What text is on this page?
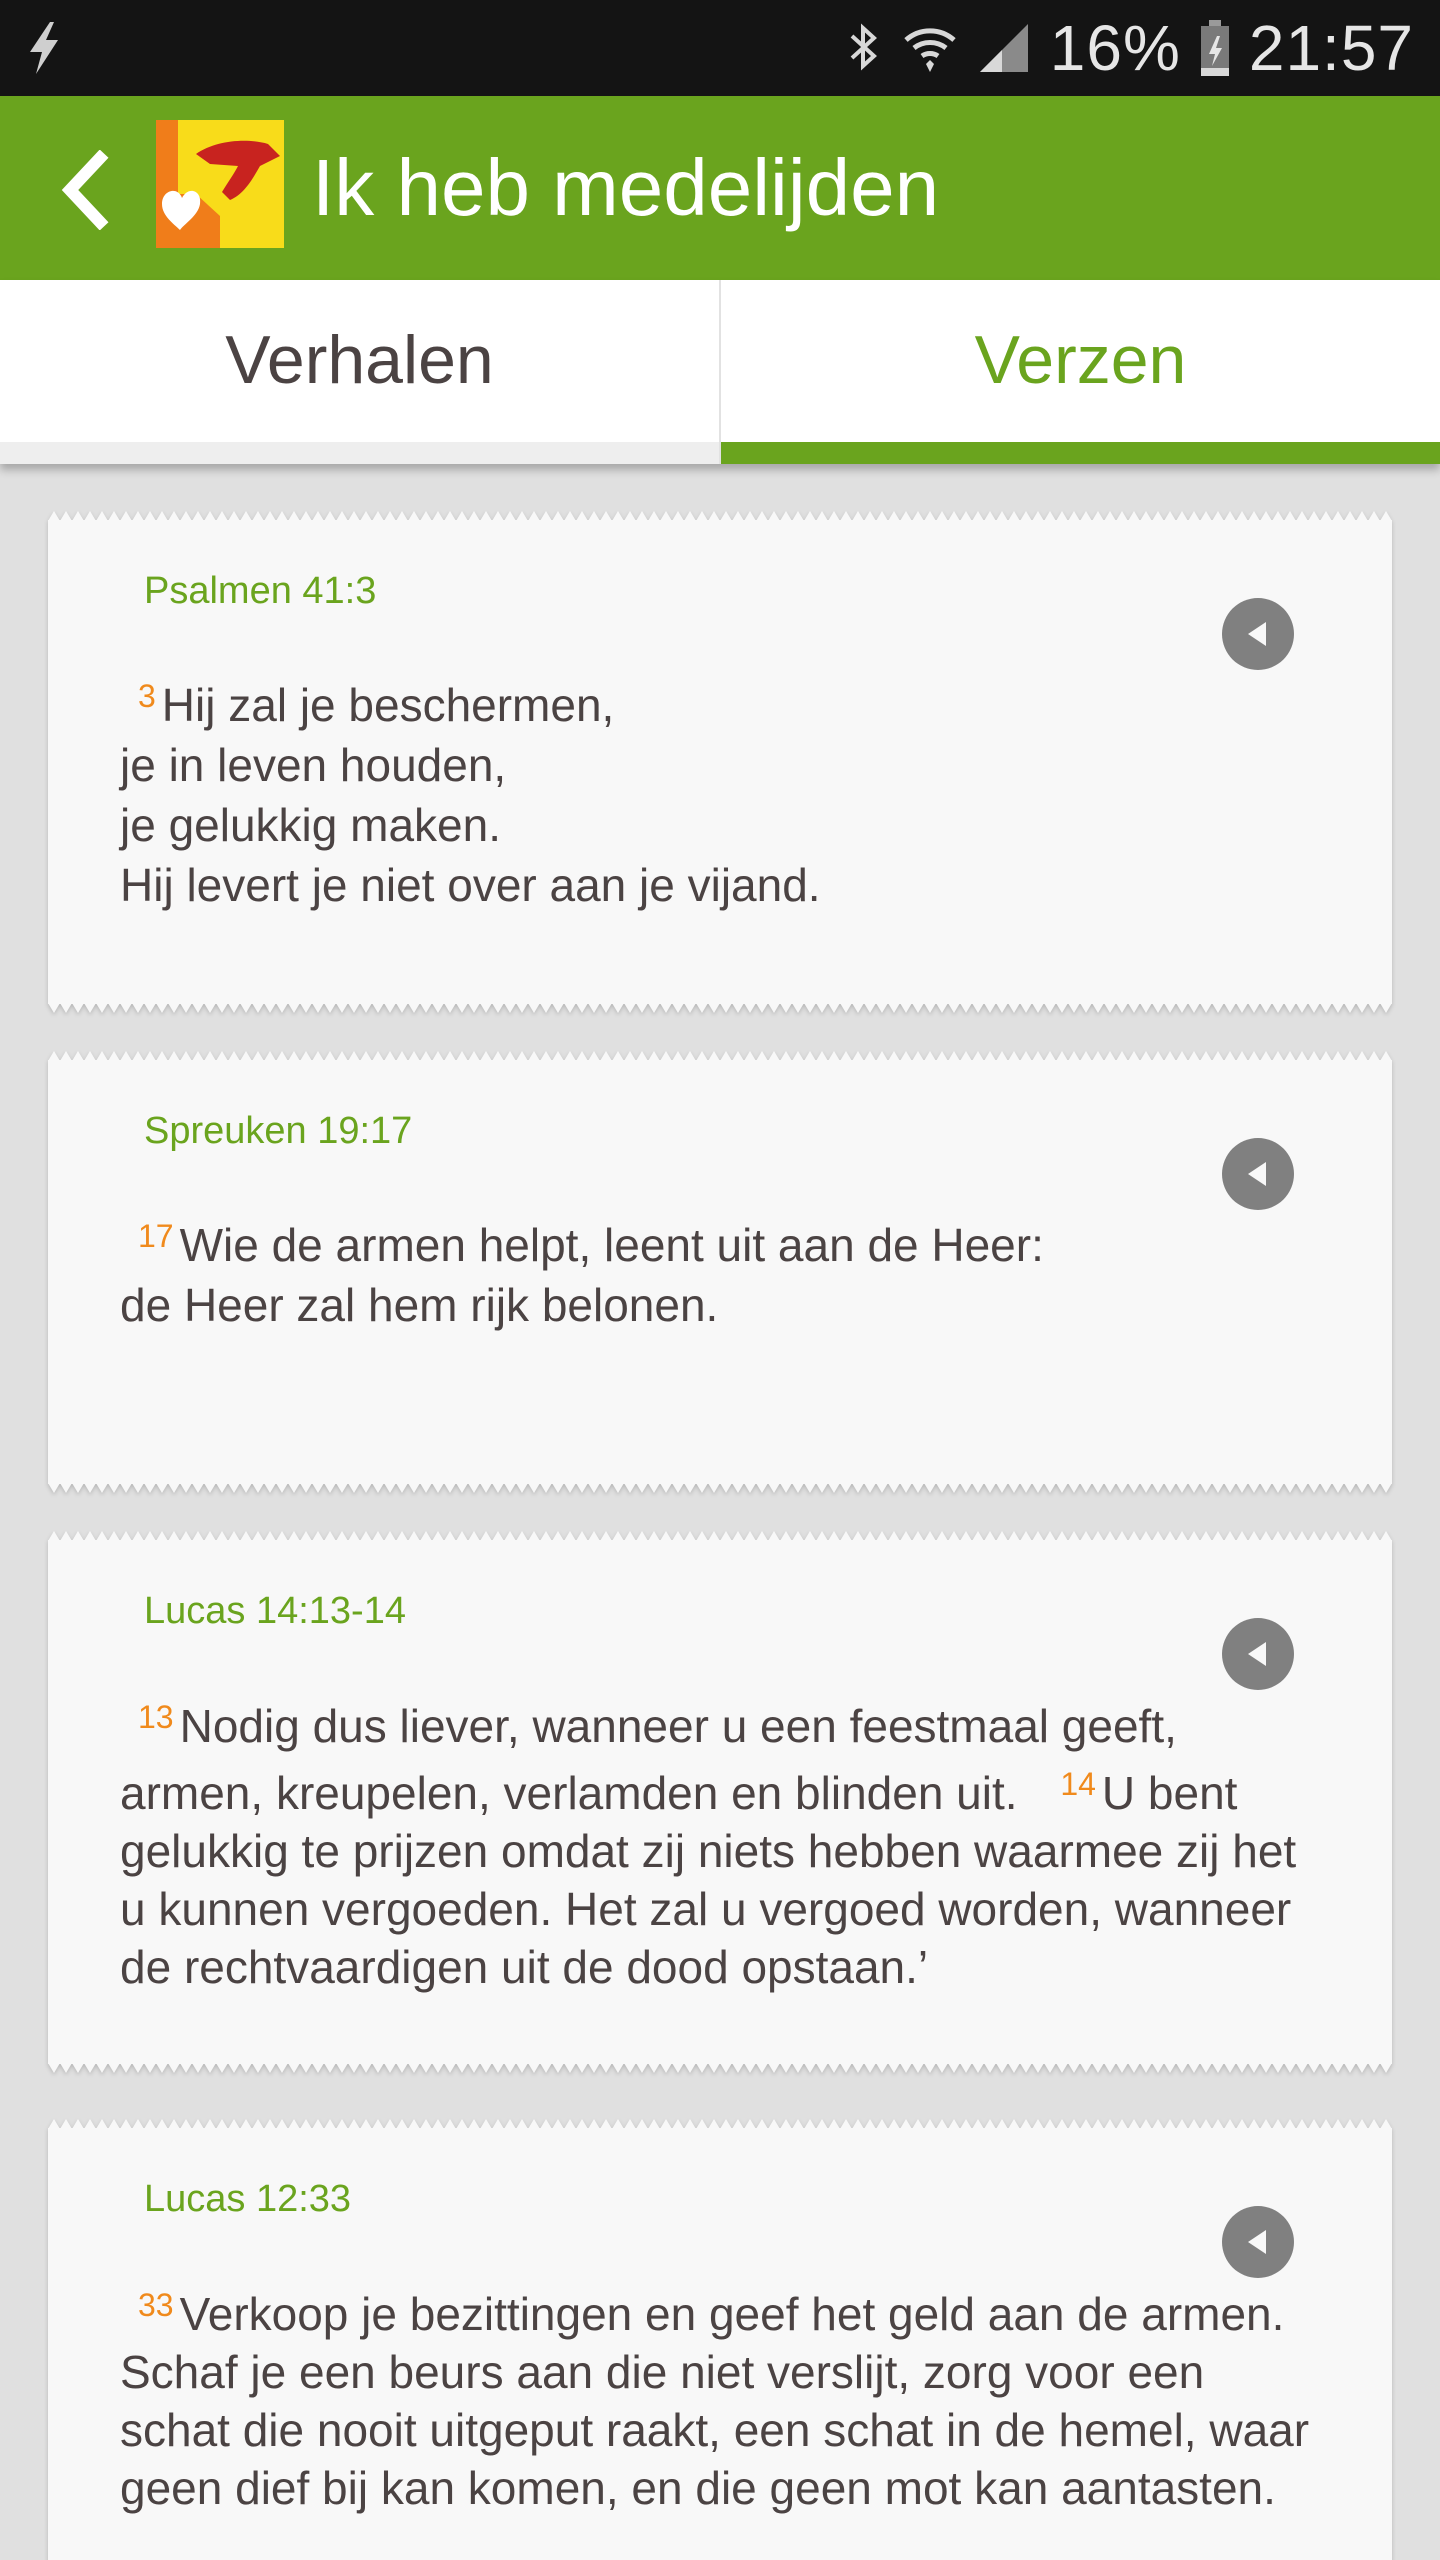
16% 21:57
Ik heb medelijden
Verhalen	Verzen
Psalmen 41:3
$^3$ Hij zal je beschermen,
je in leven houden,
je gelukkig maken.
Hij levert je niet over aan je vijand.
Spreuken 19:17
$^{17}$ Wie de armen helpt, leent uit aan de Heer:
de Heer zal hem rijk belonen.
Lucas 14:13-14
$^{13}$ Nodig dus liever, wanneer u een feestmaal geeft, armen, kreupelen, verlamden en blinden uit. $^{14}$ U bent gelukkig te prijzen omdat zij niets hebben waarmee zij het u kunnen vergoeden. Het zal u vergoed worden, wanneer de rechtvaardigen uit de dood opstaan.’
Lucas 12:33
$^{33}$ Verkoop je bezittingen en geef het geld aan de armen. Schaf je een beurs aan die niet verslijt, zorg voor een schat die nooit uitgeput raakt, een schat in de hemel, waar geen dief bij kan komen, en die geen mot kan aantasten.
